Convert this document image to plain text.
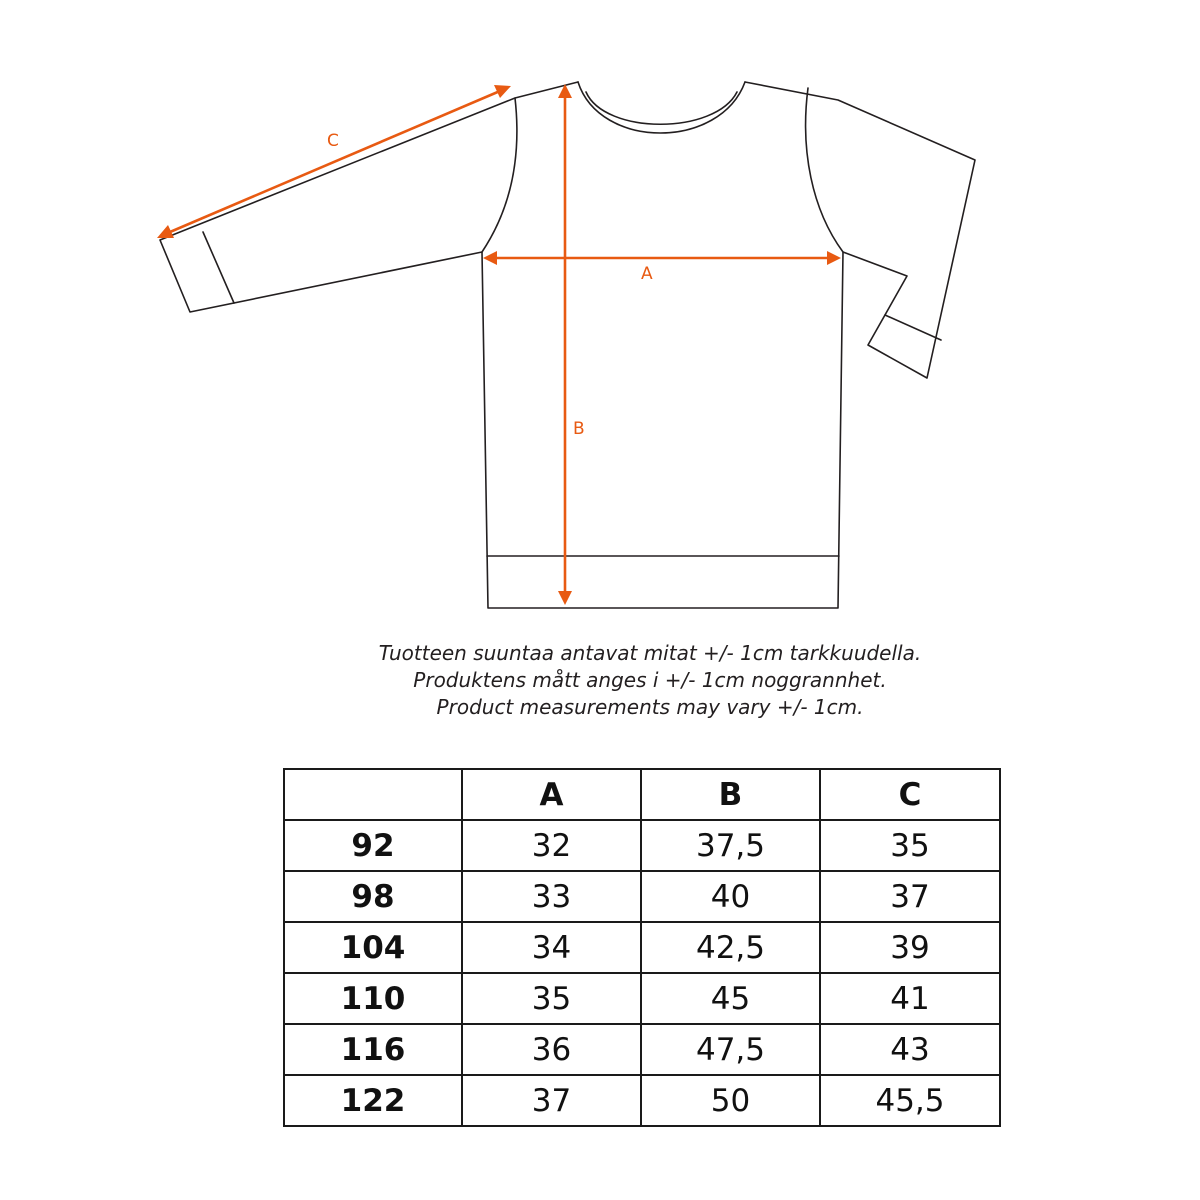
A
B
C
Tuotteen suuntaa antavat mitat +/- 1cm tarkkuudella.
Produktens mått anges i +/- 1cm noggrannhet.
Product measurements may vary +/- 1cm.
	A	B	C
92	32	37,5	35
98	33	40	37
104	34	42,5	39
110	35	45	41
116	36	47,5	43
122	37	50	45,5
